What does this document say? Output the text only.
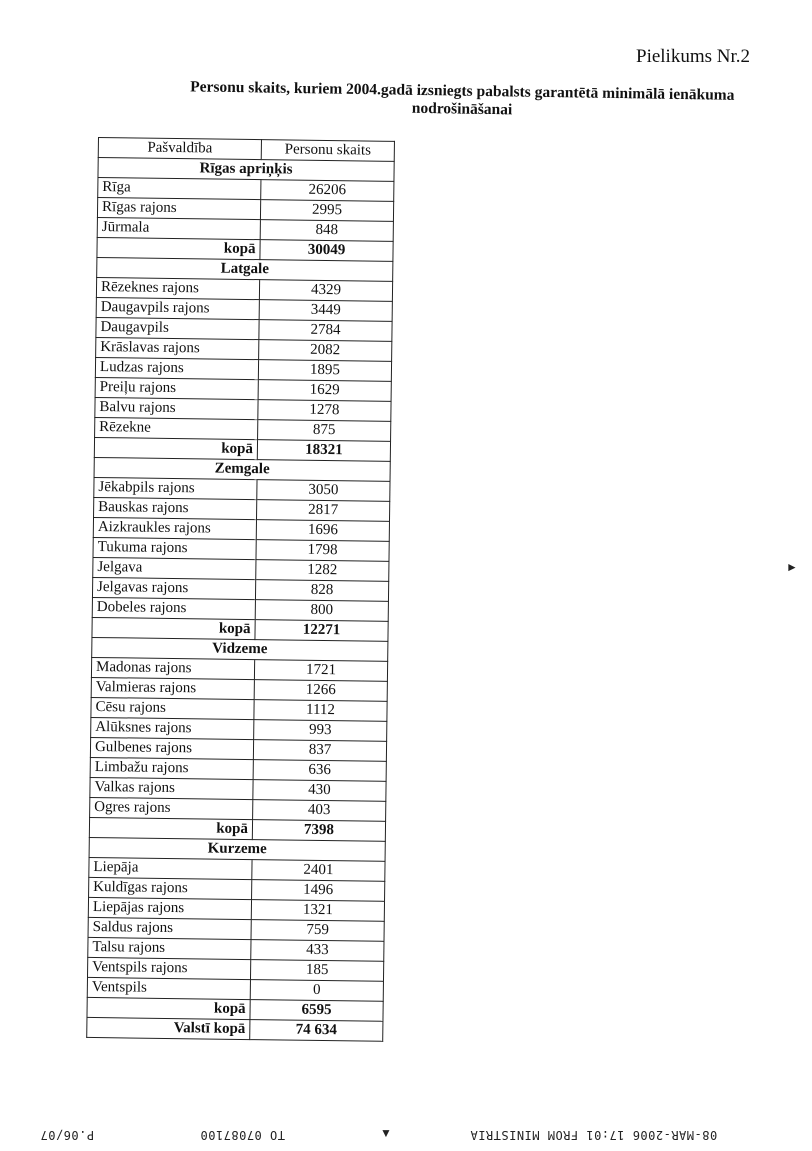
Pielikums Nr.2
Personu skaits, kuriem 2004.gadā izsniegts pabalsts garantētā minimālā ienākuma nodrošināšanai
Pašvaldība	Personu skaits
Rīgas apriņķis	
Rīga	26206
Rīgas rajons	2995
Jūrmala	848
kopā	30049
Latgale	
Rēzeknes rajons	4329
Daugavpils rajons	3449
Daugavpils	2784
Krāslavas rajons	2082
Ludzas rajons	1895
Preiļu rajons	1629
Balvu rajons	1278
Rēzekne	875
kopā	18321
Zemgale	
Jēkabpils rajons	3050
Bauskas rajons	2817
Aizkraukles rajons	1696
Tukuma rajons	1798
Jelgava	1282
Jelgavas rajons	828
Dobeles rajons	800
kopā	12271
Vidzeme	
Madonas rajons	1721
Valmieras rajons	1266
Cēsu rajons	1112
Alūksnes rajons	993
Gulbenes rajons	837
Limbažu rajons	636
Valkas rajons	430
Ogres rajons	403
kopā	7398
Kurzeme	
Liepāja	2401
Kuldīgas rajons	1496
Liepājas rajons	1321
Saldus rajons	759
Talsu rajons	433
Ventspils rajons	185
Ventspils	0
kopā	6595
Valstī kopā	74 634
►
P.06/07	TO 07087100	▼	08-MAR-2006 17:01 FROM MINISTRIA
